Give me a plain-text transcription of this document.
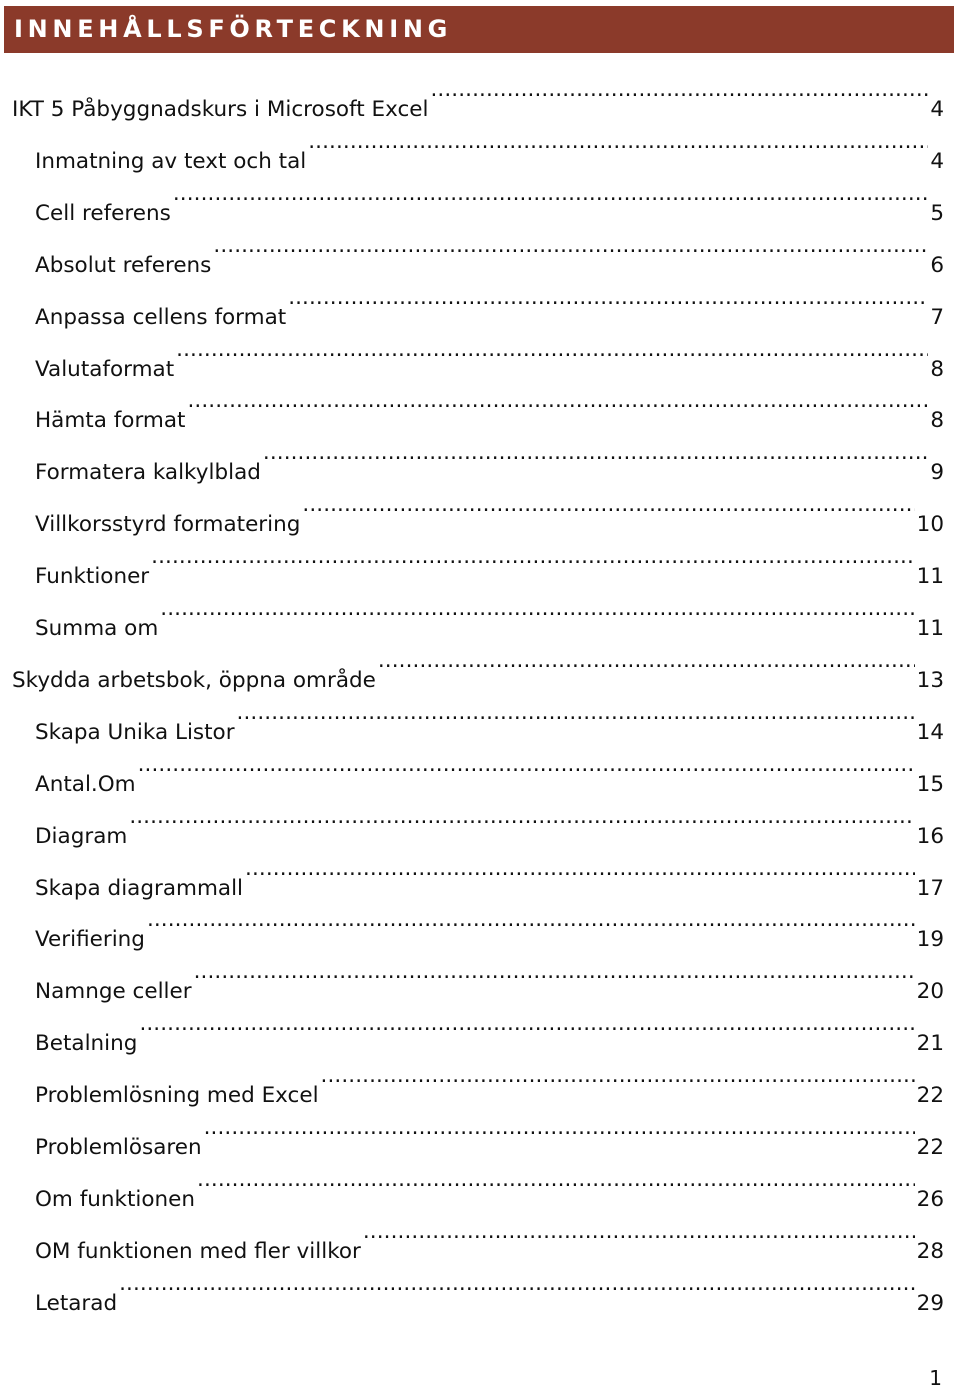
INNEHÅLLSFÖRTECKNING
IKT 5 Påbyggnadskurs i Microsoft Excel .....	4
Inmatning av text och tal .....	4
Cell referens .....	5
Absolut referens .....	6
Anpassa cellens format .....	7
Valutaformat .....	8
Hämta format .....	8
Formatera kalkylblad .....	9
Villkorsstyrd formatering .....	10
Funktioner .....	11
Summa om .....	11
Skydda arbetsbok, öppna område .....	13
Skapa Unika Listor .....	14
Antal.Om .....	15
Diagram .....	16
Skapa diagrammall .....	17
Verifiering .....	19
Namnge celler .....	20
Betalning .....	21
Problemlösning med Excel .....	22
Problemlösaren .....	22
Om funktionen .....	26
OM funktionen med fler villkor .....	28
Letarad .....	29
1
